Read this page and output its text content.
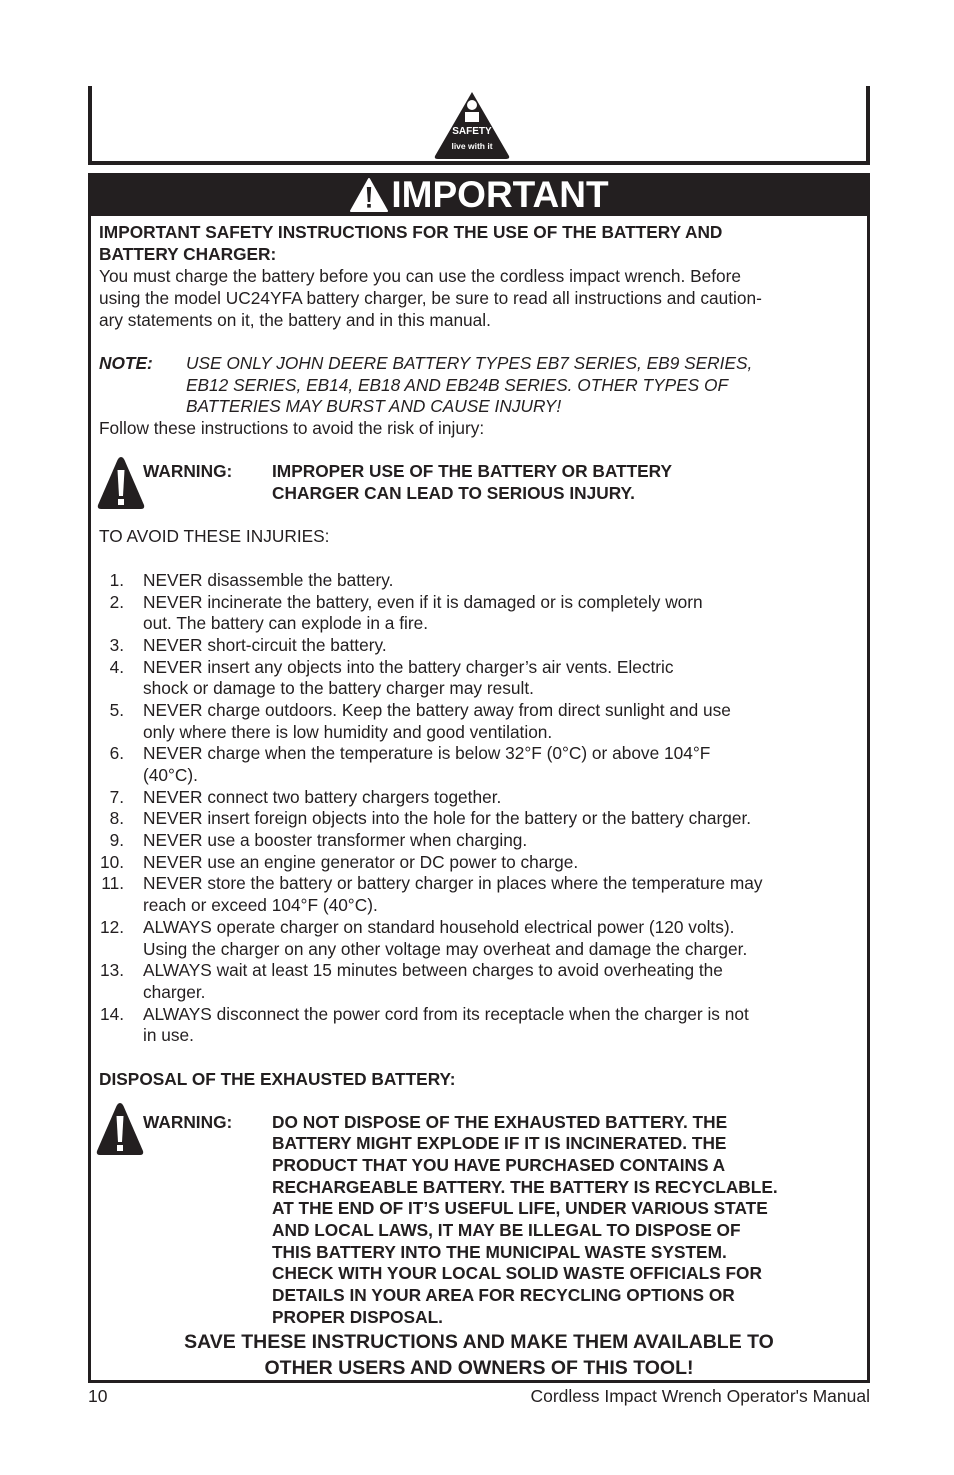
SAFETY
live with it
IMPORTANT
IMPORTANT SAFETY INSTRUCTIONS FOR THE USE OF THE BATTERY AND
BATTERY CHARGER:
You must charge the battery before you can use the cordless impact wrench. Before
using the model UC24YFA battery charger, be sure to read all instructions and caution-
ary statements on it, the battery and in this manual.
NOTE: USE ONLY JOHN DEERE BATTERY TYPES EB7 SERIES, EB9 SERIES,
EB12 SERIES, EB14, EB18 AND EB24B SERIES. OTHER TYPES OF
BATTERIES MAY BURST AND CAUSE INJURY!
Follow these instructions to avoid the risk of injury:
WARNING: IMPROPER USE OF THE BATTERY OR BATTERY
CHARGER CAN LEAD TO SERIOUS INJURY.
TO AVOID THESE INJURIES:
1. NEVER disassemble the battery.
2. NEVER incinerate the battery, even if it is damaged or is completely worn
out. The battery can explode in a fire.
3. NEVER short-circuit the battery.
4. NEVER insert any objects into the battery charger’s air vents. Electric
shock or damage to the battery charger may result.
5. NEVER charge outdoors. Keep the battery away from direct sunlight and use
only where there is low humidity and good ventilation.
6. NEVER charge when the temperature is below 32°F (0°C) or above 104°F
(40°C).
7. NEVER connect two battery chargers together.
8. NEVER insert foreign objects into the hole for the battery or the battery charger.
9. NEVER use a booster transformer when charging.
10. NEVER use an engine generator or DC power to charge.
11. NEVER store the battery or battery charger in places where the temperature may
reach or exceed 104°F (40°C).
12. ALWAYS operate charger on standard household electrical power (120 volts).
Using the charger on any other voltage may overheat and damage the charger.
13. ALWAYS wait at least 15 minutes between charges to avoid overheating the
charger.
14. ALWAYS disconnect the power cord from its receptacle when the charger is not
in use.
DISPOSAL OF THE EXHAUSTED BATTERY:
WARNING: DO NOT DISPOSE OF THE EXHAUSTED BATTERY. THE
BATTERY MIGHT EXPLODE IF IT IS INCINERATED. THE
PRODUCT THAT YOU HAVE PURCHASED CONTAINS A
RECHARGEABLE BATTERY. THE BATTERY IS RECYCLABLE.
AT THE END OF IT’S USEFUL LIFE, UNDER VARIOUS STATE
AND LOCAL LAWS, IT MAY BE ILLEGAL TO DISPOSE OF
THIS BATTERY INTO THE MUNICIPAL WASTE SYSTEM.
CHECK WITH YOUR LOCAL SOLID WASTE OFFICIALS FOR
DETAILS IN YOUR AREA FOR RECYCLING OPTIONS OR
PROPER DISPOSAL.
SAVE THESE INSTRUCTIONS AND MAKE THEM AVAILABLE TO
OTHER USERS AND OWNERS OF THIS TOOL!
10	Cordless Impact Wrench Operator's Manual
